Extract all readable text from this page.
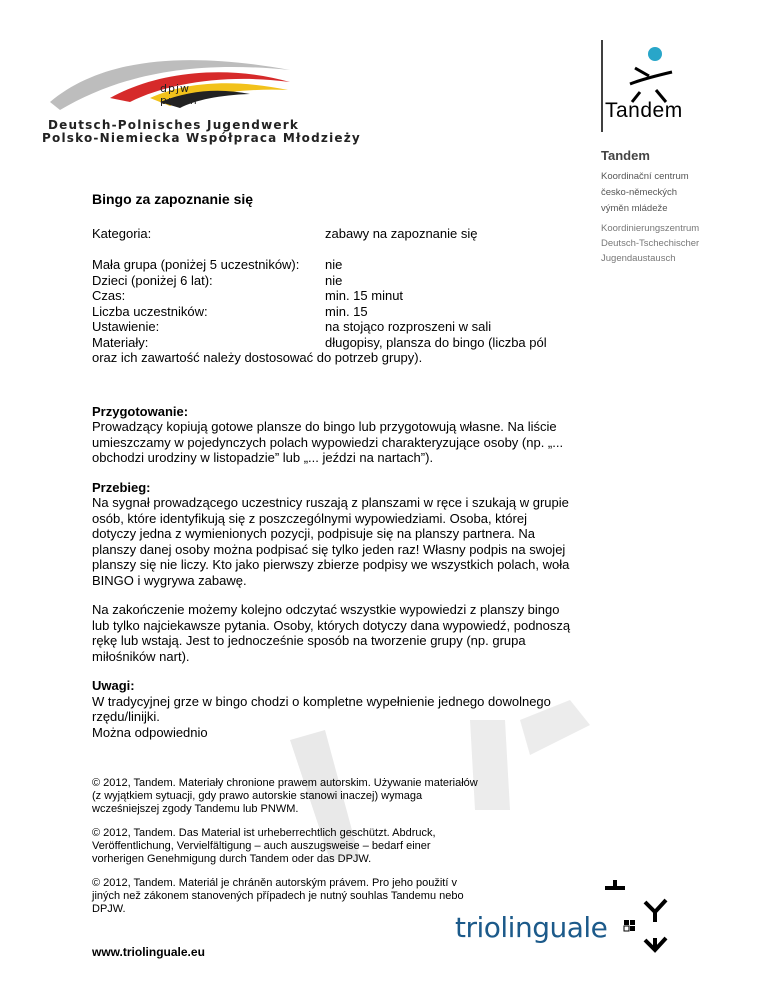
dpjw
pnwm
Deutsch-Polnisches Jugendwerk
Polsko-Niemiecka Współpraca Młodzieży
Tandem
Tandem
Koordinační centrum
česko-německých
výměn mládeže
Koordinierungszentrum
Deutsch-Tschechischer
Jugendaustausch
Bingo za zapoznanie się
Kategoria:	zabawy na zapoznanie się
Mała grupa (poniżej 5 uczestników):	nie
Dzieci (poniżej 6 lat):	nie
Czas:	min. 15 minut
Liczba uczestników:	min. 15
Ustawienie:	na stojąco rozproszeni w sali
Materiały:	długopisy, plansza do bingo (liczba pól

oraz ich zawartość należy dostosować do potrzeb grupy).

Przygotowanie:

Prowadzący kopiują gotowe plansze do bingo lub przygotowują własne. Na liście umieszczamy w pojedynczych polach wypowiedzi charakteryzujące osoby (np. „... obchodzi urodziny w listopadzie” lub „... jeździ na nartach”).

Przebieg:

Na sygnał prowadzącego uczestnicy ruszają z planszami w ręce i szukają w grupie osób, które identyfikują się z poszczególnymi wypowiedziami. Osoba, której dotyczy jedna z wymienionych pozycji, podpisuje się na planszy partnera. Na planszy danej osoby można podpisać się tylko jeden raz! Własny podpis na swojej planszy się nie liczy. Kto jako pierwszy zbierze podpisy we wszystkich polach, woła BINGO i wygrywa zabawę.

Na zakończenie możemy kolejno odczytać wszystkie wypowiedzi z planszy bingo lub tylko najciekawsze pytania. Osoby, których dotyczy dana wypowiedź, podnoszą rękę lub wstają. Jest to jednocześnie sposób na tworzenie grupy (np. grupa miłośników nart).

Uwagi:

W tradycyjnej grze w bingo chodzi o kompletne wypełnienie jednego dowolnego rzędu/linijki.

Można odpowiednio

© 2012, Tandem. Materiały chronione prawem autorskim. Używanie materiałów (z wyjątkiem sytuacji, gdy prawo autorskie stanowi inaczej) wymaga wcześniejszej zgody Tandemu lub PNWM.

© 2012, Tandem. Das Material ist urheberrechtlich geschützt. Abdruck, Veröffentlichung, Vervielfältigung – auch auszugsweise – bedarf einer vorherigen Genehmigung durch Tandem oder das DPJW.

© 2012, Tandem. Materiál je chráněn autorským právem. Pro jeho použití v jiných než zákonem stanovených případech je nutný souhlas Tandemu nebo DPJW.

www.triolinguale.eu
triolinguale
